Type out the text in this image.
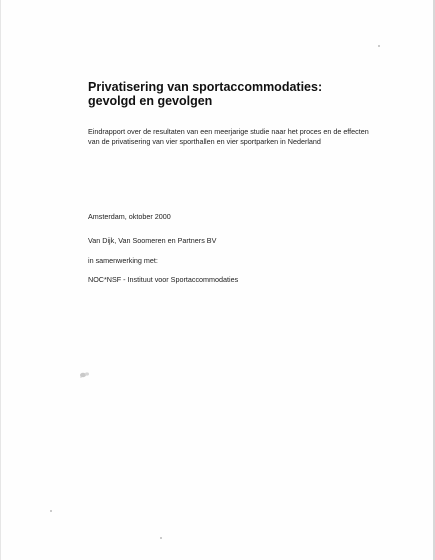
Privatisering van sportaccommodaties:
gevolgd en gevolgen
Eindrapport over de resultaten van een meerjarige studie naar het proces en de effecten
van de privatisering van vier sporthallen en vier sportparken in Nederland
Amsterdam, oktober 2000
Van Dijk, Van Soomeren en Partners BV
in samenwerking met:
NOC*NSF - Instituut voor Sportaccommodaties
